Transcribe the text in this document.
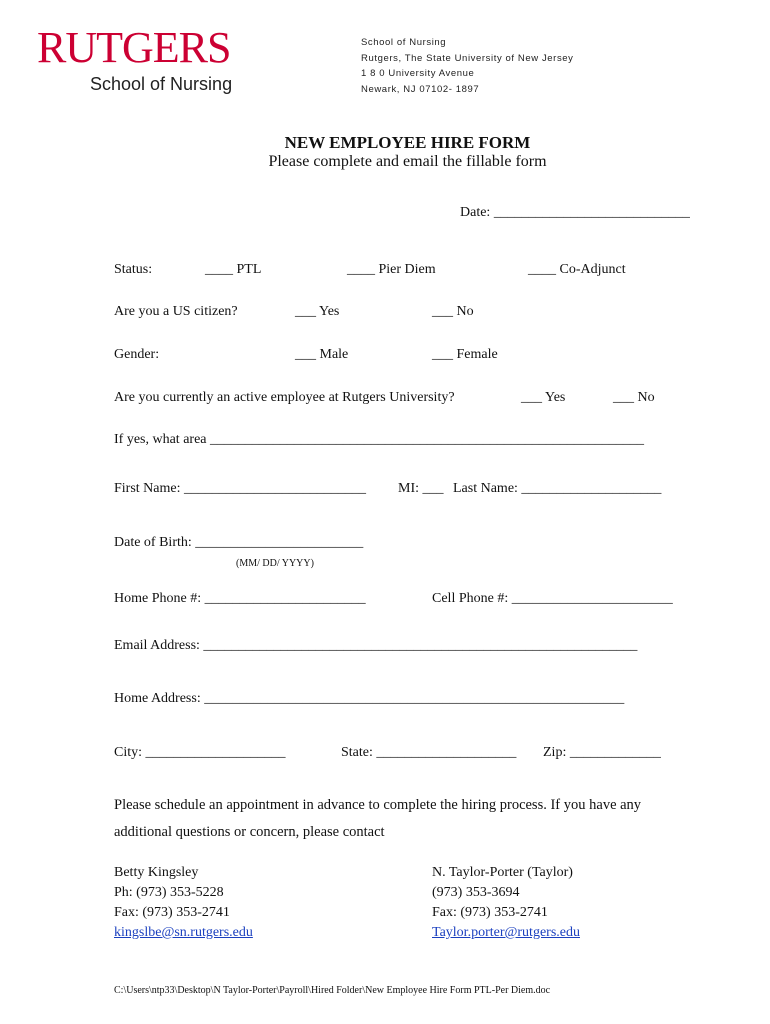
RUTGERS
School of Nursing
School of Nursing
Rutgers, The State University of New Jersey
1 8 0 University Avenue
Newark, NJ 07102- 1897
NEW EMPLOYEE HIRE FORM
Please complete and email the fillable form
Date: ____________________________
Status:	____ PTL	____ Pier Diem	____ Co-Adjunct
Are you a US citizen?	___ Yes	___ No
Gender:	___ Male	___ Female
Are you currently an active employee at Rutgers University?	___ Yes	___ No
If yes, what area ______________________________________________________________
First Name: __________________________ MI: ___ Last Name: ____________________
Date of Birth: ________________________
(MM/ DD/ YYYY)
Home Phone #: _______________________	Cell Phone #: _______________________
Email Address: ______________________________________________________________
Home Address: ____________________________________________________________
City: ____________________	State: ____________________ Zip: _____________
Please schedule an appointment in advance to complete the hiring process. If you have any
additional questions or concern, please contact
Betty Kingsley
Ph: (973) 353-5228
Fax: (973) 353-2741
kingslbe@sn.rutgers.edu
N. Taylor-Porter (Taylor)
(973) 353-3694
Fax: (973) 353-2741
Taylor.porter@rutgers.edu
C:\Users\ntp33\Desktop\N Taylor-Porter\Payroll\Hired Folder\New Employee Hire Form PTL-Per Diem.doc
